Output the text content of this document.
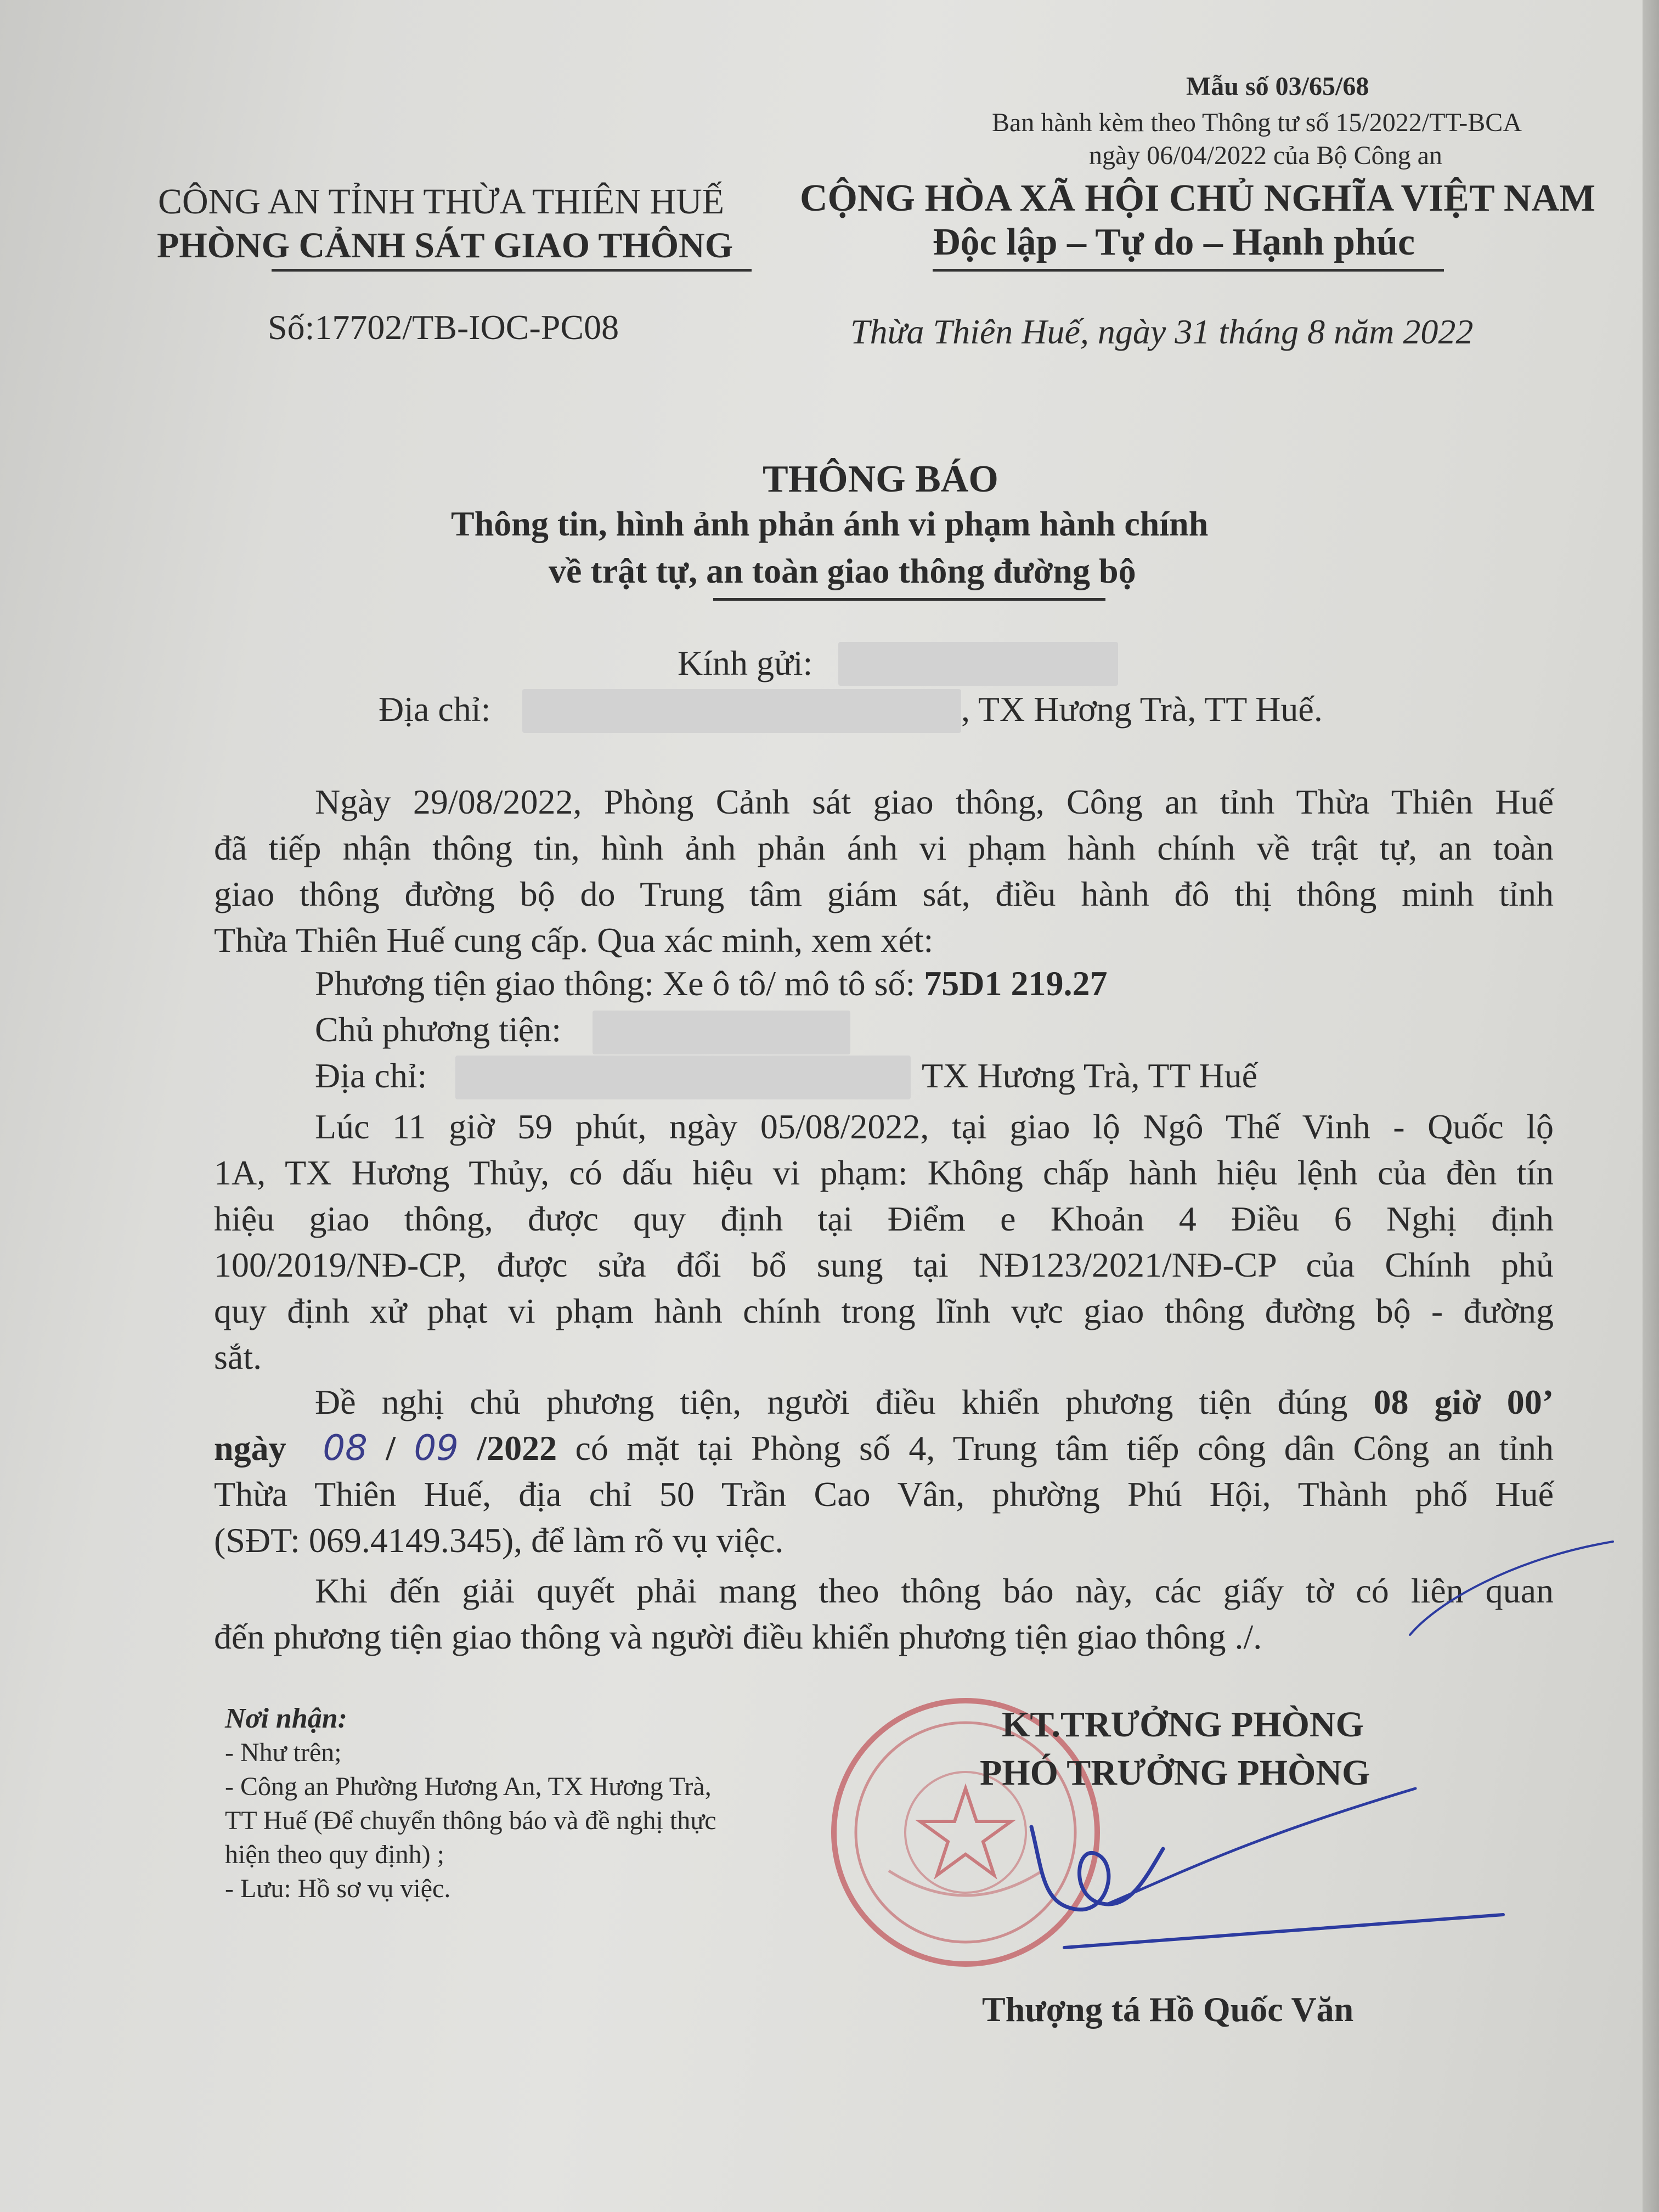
Mẫu số 03/65/68
Ban hành kèm theo Thông tư số 15/2022/TT-BCA
ngày 06/04/2022 của Bộ Công an
CÔNG AN TỈNH THỪA THIÊN HUẾ
PHÒNG CẢNH SÁT GIAO THÔNG
Số:17702/TB-IOC-PC08
CỘNG HÒA XÃ HỘI CHỦ NGHĨA VIỆT NAM
Độc lập – Tự do – Hạnh phúc
Thừa Thiên Huế, ngày 31 tháng 8 năm 2022
THÔNG BÁO
Thông tin, hình ảnh phản ánh vi phạm hành chính
về trật tự, an toàn giao thông đường bộ
Kính gửi:
Địa chỉ:	, TX Hương Trà, TT Huế.
Ngày 29/08/2022, Phòng Cảnh sát giao thông, Công an tỉnh Thừa Thiên Huế
đã tiếp nhận thông tin, hình ảnh phản ánh vi phạm hành chính về trật tự, an toàn
giao thông đường bộ do Trung tâm giám sát, điều hành đô thị thông minh tỉnh
Thừa Thiên Huế cung cấp. Qua xác minh, xem xét:
Phương tiện giao thông: Xe ô tô/ mô tô số: 75D1 219.27
Chủ phương tiện:
Địa chỉ:	TX Hương Trà, TT Huế
Lúc 11 giờ 59 phút, ngày 05/08/2022, tại giao lộ Ngô Thế Vinh - Quốc lộ
1A, TX Hương Thủy, có dấu hiệu vi phạm: Không chấp hành hiệu lệnh của đèn tín
hiệu giao thông, được quy định tại Điểm e Khoản 4 Điều 6 Nghị định
100/2019/NĐ-CP, được sửa đổi bổ sung tại NĐ123/2021/NĐ-CP của Chính phủ
quy định xử phạt vi phạm hành chính trong lĩnh vực giao thông đường bộ - đường
sắt.
Đề nghị chủ phương tiện, người điều khiển phương tiện đúng 08 giờ 00’
ngày 08 / 09 /2022 có mặt tại Phòng số 4, Trung tâm tiếp công dân Công an tỉnh
Thừa Thiên Huế, địa chỉ 50 Trần Cao Vân, phường Phú Hội, Thành phố Huế
(SĐT: 069.4149.345), để làm rõ vụ việc.
Khi đến giải quyết phải mang theo thông báo này, các giấy tờ có liên quan
đến phương tiện giao thông và người điều khiển phương tiện giao thông ./.
Nơi nhận:
- Như trên;
- Công an Phường Hương An, TX Hương Trà,
TT Huế (Để chuyển thông báo và đề nghị thực
hiện theo quy định) ;
- Lưu: Hồ sơ vụ việc.
KT.TRƯỞNG PHÒNG
PHÓ TRƯỞNG PHÒNG
Thượng tá Hồ Quốc Văn
